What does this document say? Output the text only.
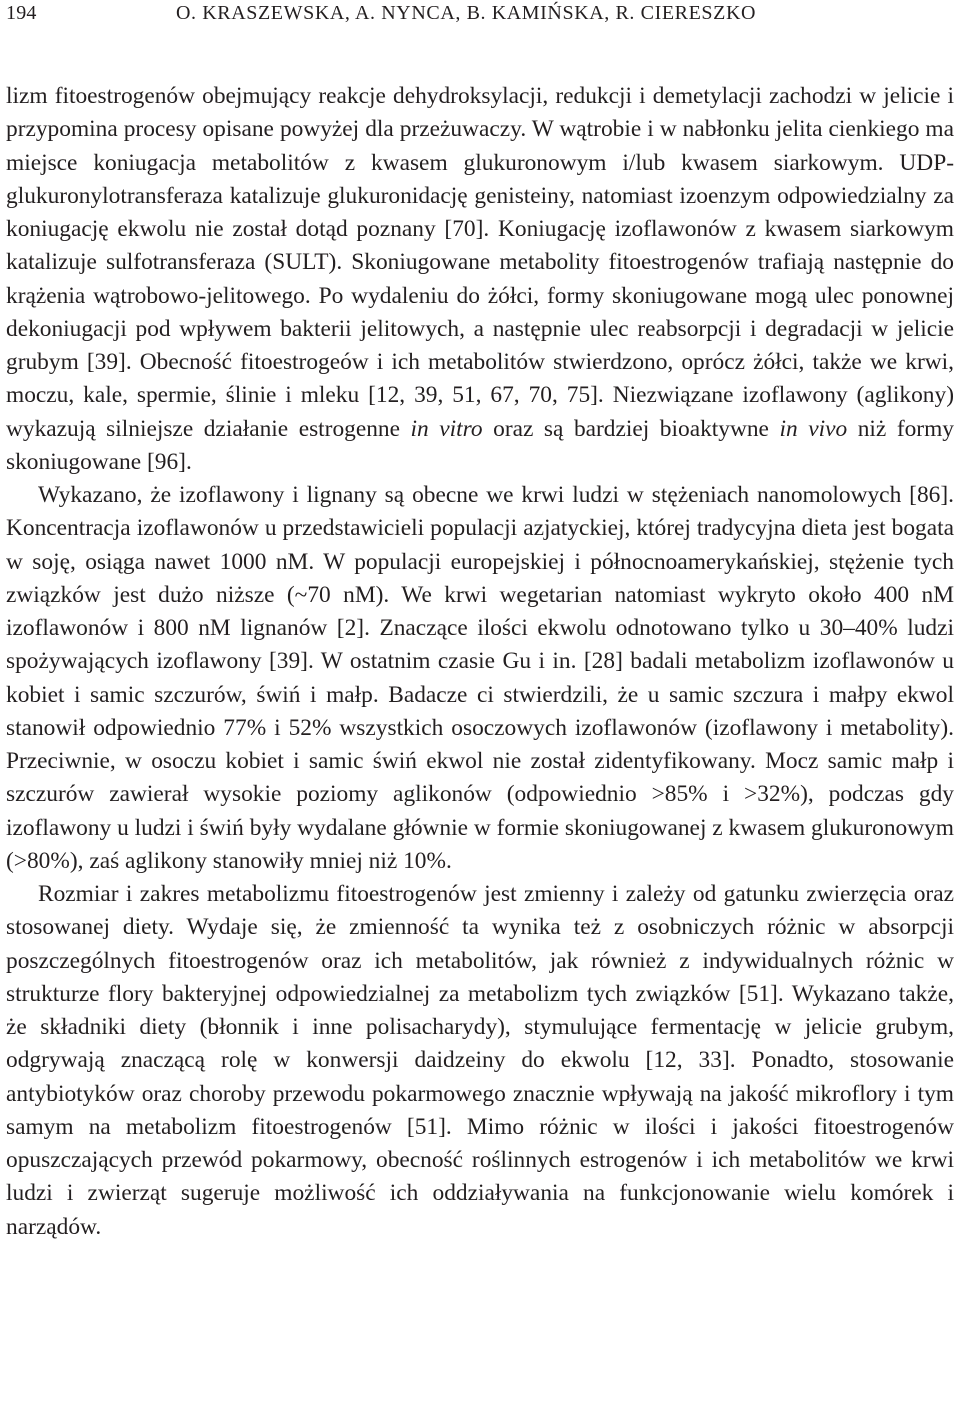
194	O. KRASZEWSKA, A. NYNCA, B. KAMIŃSKA, R. CIERESZKO

lizm fitoestrogenów obejmujący reakcje dehydroksylacji, redukcji i demetylacji zachodzi w jelicie i przypomina procesy opisane powyżej dla przeżuwaczy. W wątrobie i w nabłonku jelita cienkiego ma miejsce koniugacja metabolitów z kwasem glukuronowym i/lub kwasem siarkowym. UDP-glukuronylotransferaza katalizuje glukuronidację genisteiny, natomiast izoenzym odpowiedzialny za koniugację ekwolu nie został dotąd poznany [70]. Koniugację izoflawonów z kwasem siarkowym katalizuje sulfotransferaza (SULT). Skoniugowane metabolity fitoestrogenów trafiają następnie do krążenia wątrobowo-jelitowego. Po wydaleniu do żółci, formy skoniugowane mogą ulec ponownej dekoniugacji pod wpływem bakterii jelitowych, a następnie ulec reabsorpcji i degradacji w jelicie grubym [39]. Obecność fitoestrogeów i ich metabolitów stwierdzono, oprócz żółci, także we krwi, moczu, kale, spermie, ślinie i mleku [12, 39, 51, 67, 70, 75]. Niezwiązane izoflawony (aglikony) wykazują silniejsze działanie estrogenne in vitro oraz są bardziej bioaktywne in vivo niż formy skoniugowane [96].

Wykazano, że izoflawony i lignany są obecne we krwi ludzi w stężeniach nanomolowych [86]. Koncentracja izoflawonów u przedstawicieli populacji azjatyckiej, której tradycyjna dieta jest bogata w soję, osiąga nawet 1000 nM. W populacji europejskiej i północnoamerykańskiej, stężenie tych związków jest dużo niższe (~70 nM). We krwi wegetarian natomiast wykryto około 400 nM izoflawonów i 800 nM lignanów [2]. Znaczące ilości ekwolu odnotowano tylko u 30–40% ludzi spożywających izoflawony [39]. W ostatnim czasie Gu i in. [28] badali metabolizm izoflawonów u kobiet i samic szczurów, świń i małp. Badacze ci stwierdzili, że u samic szczura i małpy ekwol stanowił odpowiednio 77% i 52% wszystkich osoczowych izoflawonów (izoflawony i metabolity). Przeciwnie, w osoczu kobiet i samic świń ekwol nie został zidentyfikowany. Mocz samic małp i szczurów zawierał wysokie poziomy aglikonów (odpowiednio >85% i >32%), podczas gdy izoflawony u ludzi i świń były wydalane głównie w formie skoniugowanej z kwasem glukuronowym (>80%), zaś aglikony stanowiły mniej niż 10%.

Rozmiar i zakres metabolizmu fitoestrogenów jest zmienny i zależy od gatunku zwierzęcia oraz stosowanej diety. Wydaje się, że zmienność ta wynika też z osobniczych różnic w absorpcji poszczególnych fitoestrogenów oraz ich metabolitów, jak również z indywidualnych różnic w strukturze flory bakteryjnej odpowiedzialnej za metabolizm tych związków [51]. Wykazano także, że składniki diety (błonnik i inne polisacharydy), stymulujące fermentację w jelicie grubym, odgrywają znaczącą rolę w konwersji daidzeiny do ekwolu [12, 33]. Ponadto, stosowanie antybiotyków oraz choroby przewodu pokarmowego znacznie wpływają na jakość mikroflory i tym samym na metabolizm fitoestrogenów [51]. Mimo różnic w ilości i jakości fitoestrogenów opuszczających przewód pokarmowy, obecność roślinnych estrogenów i ich metabolitów we krwi ludzi i zwierząt sugeruje możliwość ich oddziaływania na funkcjonowanie wielu komórek i narządów.
